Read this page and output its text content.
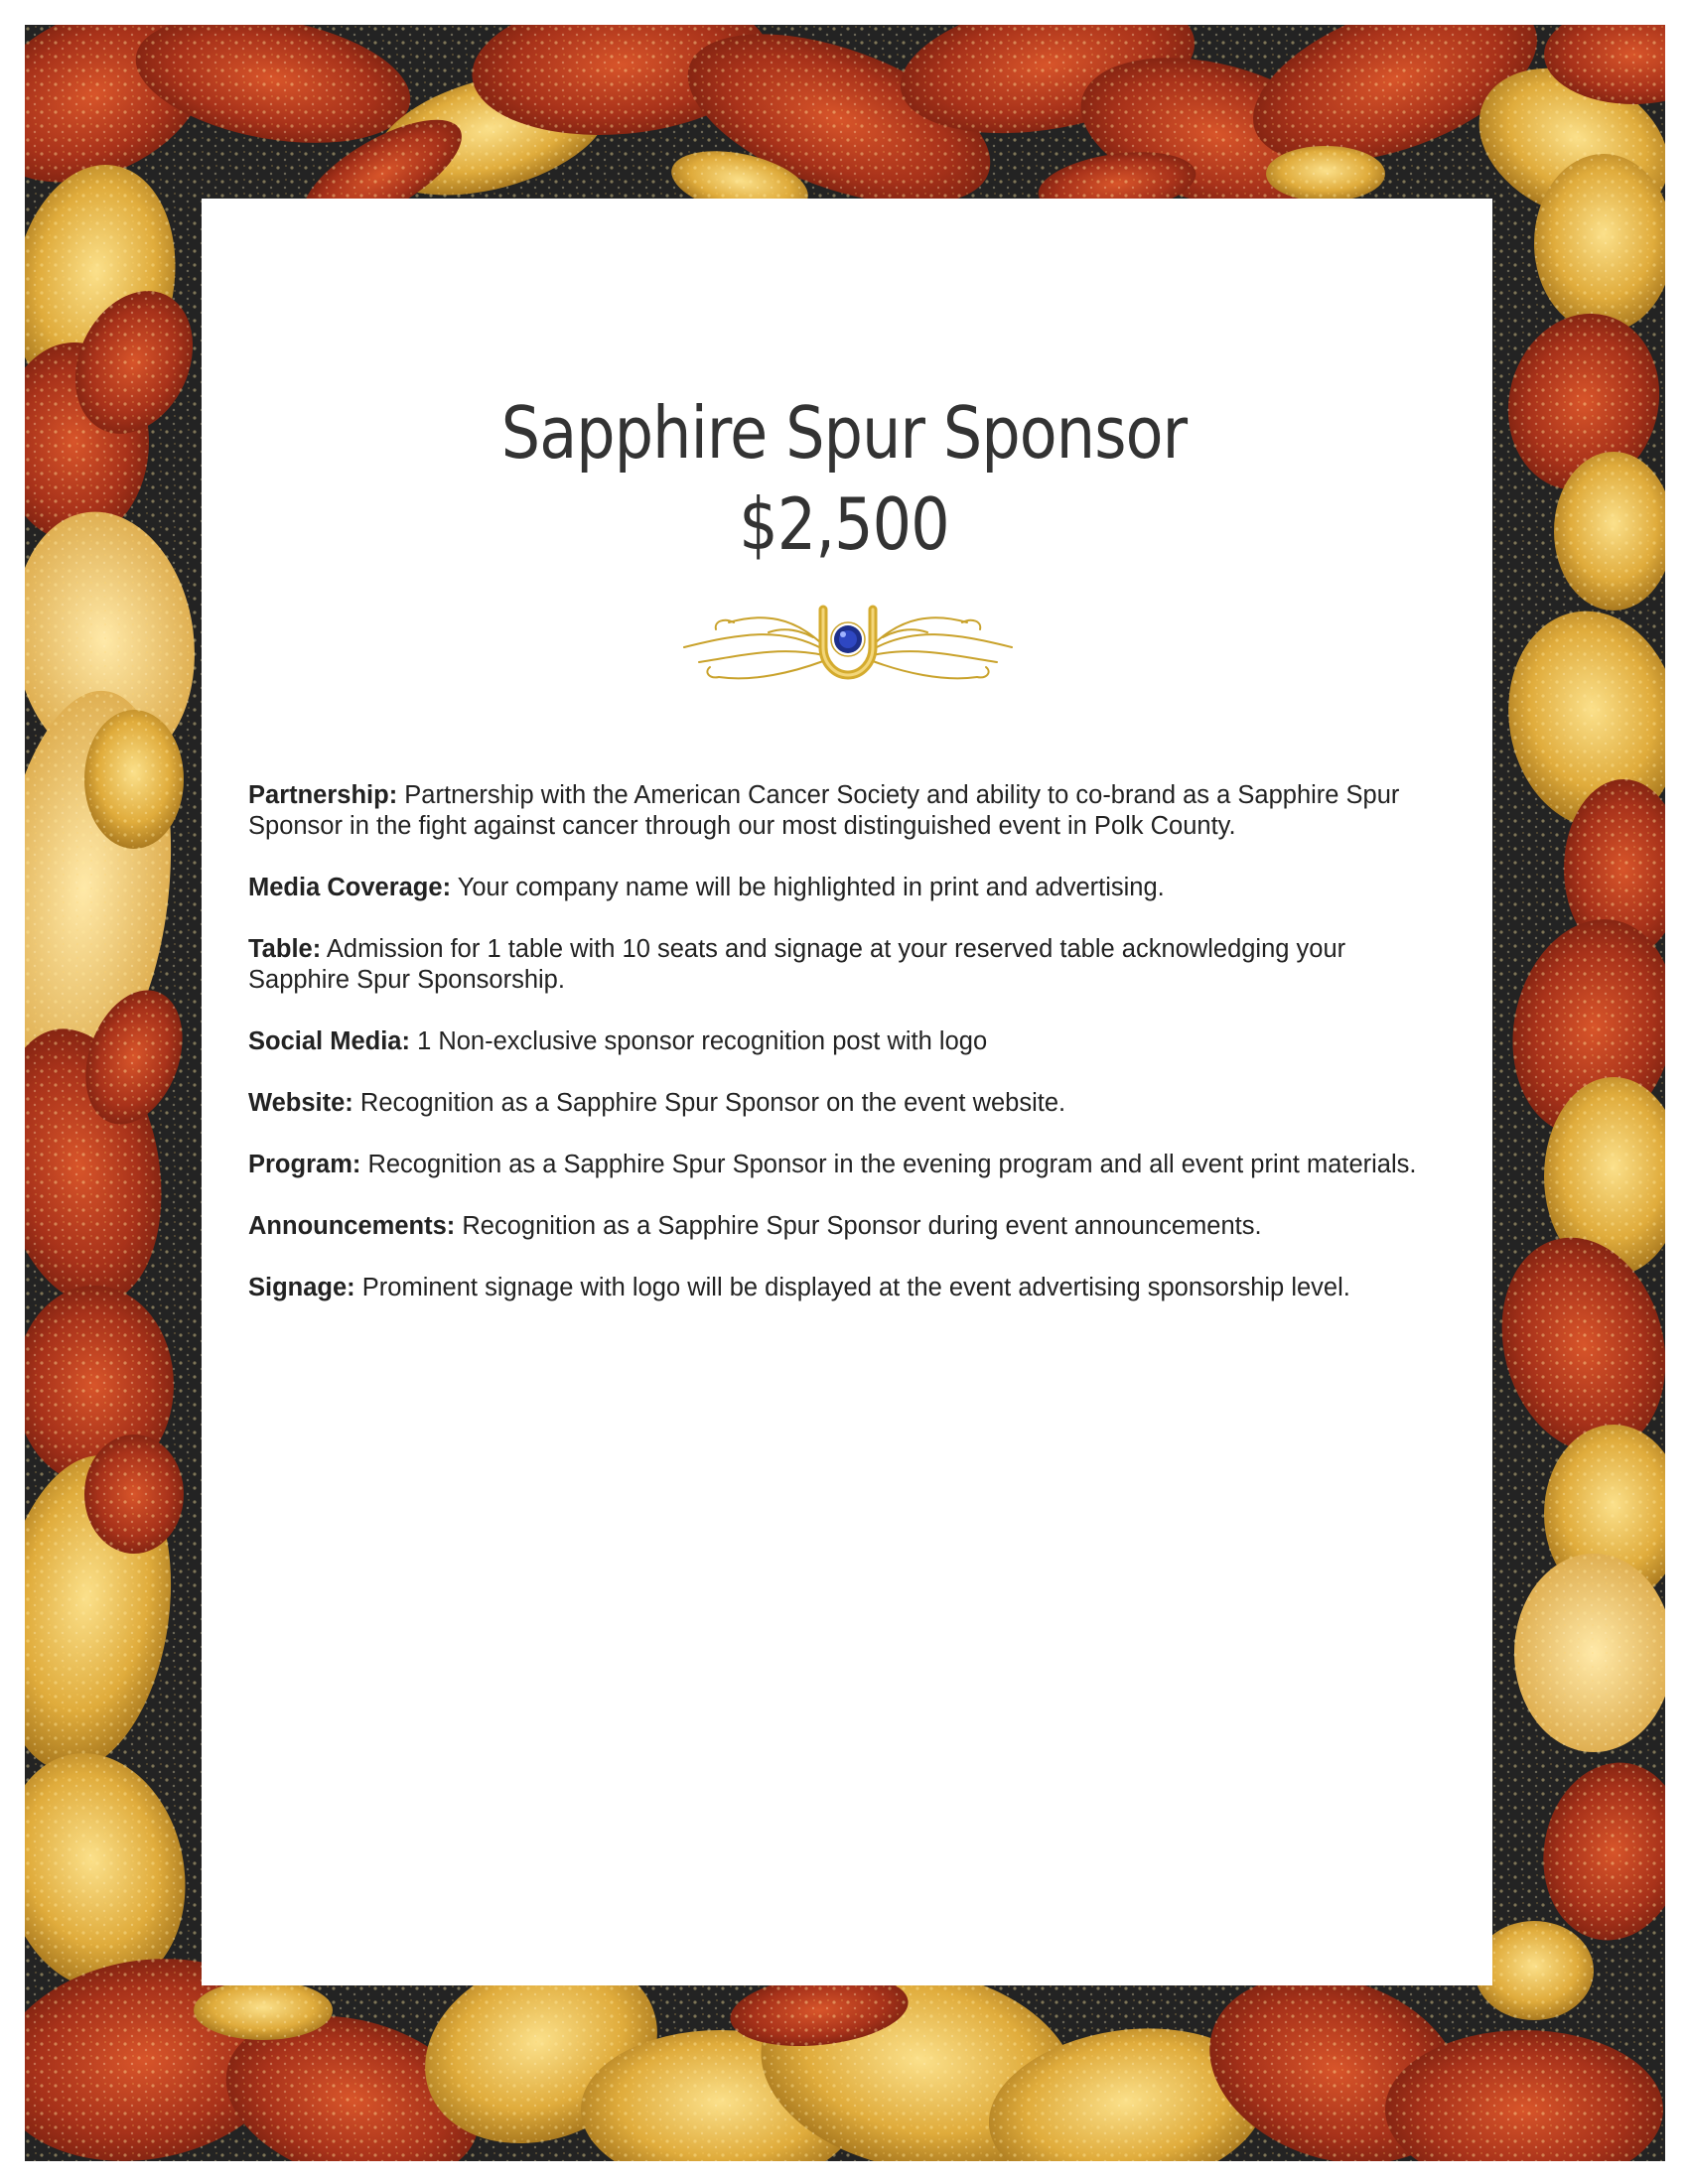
Sapphire Spur Sponsor
$2,500
Partnership: Partnership with the American Cancer Society and ability to co-brand as a Sapphire Spur Sponsor in the fight against cancer through our most distinguished event in Polk County.
Media Coverage: Your company name will be highlighted in print and advertising.
Table: Admission for 1 table with 10 seats and signage at your reserved table acknowledging your Sapphire Spur Sponsorship.
Social Media: 1 Non-exclusive sponsor recognition post with logo
Website: Recognition as a Sapphire Spur Sponsor on the event website.
Program: Recognition as a Sapphire Spur Sponsor in the evening program and all event print materials.
Announcements: Recognition as a Sapphire Spur Sponsor during event announcements.
Signage: Prominent signage with logo will be displayed at the event advertising sponsorship level.
